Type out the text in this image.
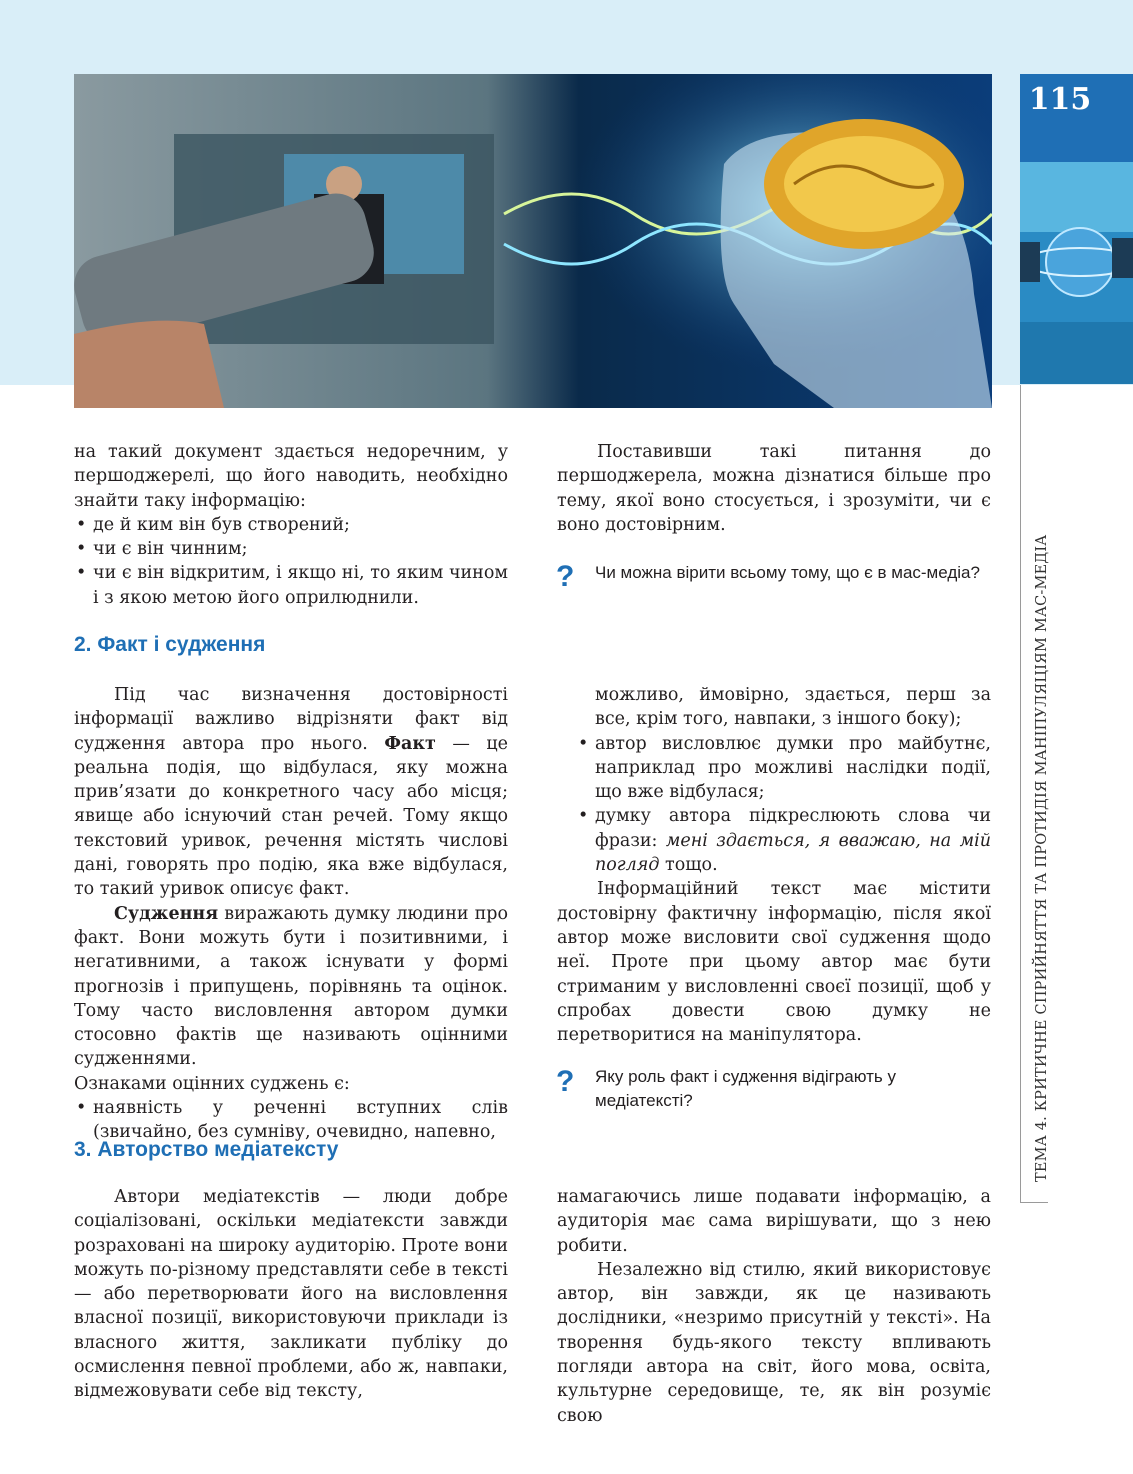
115
ТЕМА 4. КРИТИЧНЕ СПРИЙНЯТТЯ ТА ПРОТИДІЯ МАНІПУЛЯЦІЯМ МАС-МЕДІА

на такий документ здається недоречним, у першоджерелі, що його наводить, необхідно знайти таку інформацію:

• де й ким він був створений;
• чи є він чинним;
• чи є він відкритим, і якщо ні, то яким чином і з якою метою його оприлюднили.

Поставивши такі питання до першоджерела, можна дізнатися більше про тему, якої воно стосується, і зрозуміти, чи є воно достовірним.

? Чи можна вірити всьому тому, що є в мас-медіа?
2. Факт і судження

Під час визначення достовірності інформації важливо відрізняти факт від судження автора про нього. Факт — це реальна подія, що відбулася, яку можна прив’язати до конкретного часу або місця; явище або існуючий стан речей. Тому якщо текстовий уривок, речення містять числові дані, говорять про подію, яка вже відбулася, то такий уривок описує факт.

Судження виражають думку людини про факт. Вони можуть бути і позитивними, і негативними, а також існувати у формі прогнозів і припущень, порівнянь та оцінок. Тому часто висловлення автором думки стосовно фактів ще називають оцінними судженнями.

Ознаками оцінних суджень є:

• наявність у реченні вступних слів (звичайно, без сумніву, очевидно, напевно,

можливо, ймовірно, здається, перш за все, крім того, навпаки, з іншого боку);

• автор висловлює думки про майбутнє, наприклад про можливі наслідки події, що вже відбулася;
• думку автора підкреслюють слова чи фрази: мені здається, я вважаю, на мій погляд тощо.

Інформаційний текст має містити достовірну фактичну інформацію, після якої автор може висловити свої судження щодо неї. Проте при цьому автор має бути стриманим у висловленні своєї позиції, щоб у спробах довести свою думку не перетворитися на маніпулятора.

? Яку роль факт і судження відіграють у медіатексті?
3. Авторство медіатексту

Автори медіатекстів — люди добре соціалізовані, оскільки медіатексти завжди розраховані на широку аудиторію. Проте вони можуть по-різному представляти себе в тексті — або перетворювати його на висловлення власної позиції, використовуючи приклади із власного життя, закликати публіку до осмислення певної проблеми, або ж, навпаки, відмежовувати себе від тексту,

намагаючись лише подавати інформацію, а аудиторія має сама вирішувати, що з нею робити.

Незалежно від стилю, який використовує автор, він завжди, як це називають дослідники, «незримо присутній у тексті». На творення будь-якого тексту впливають погляди автора на світ, його мова, освіта, культурне середовище, те, як він розуміє свою
